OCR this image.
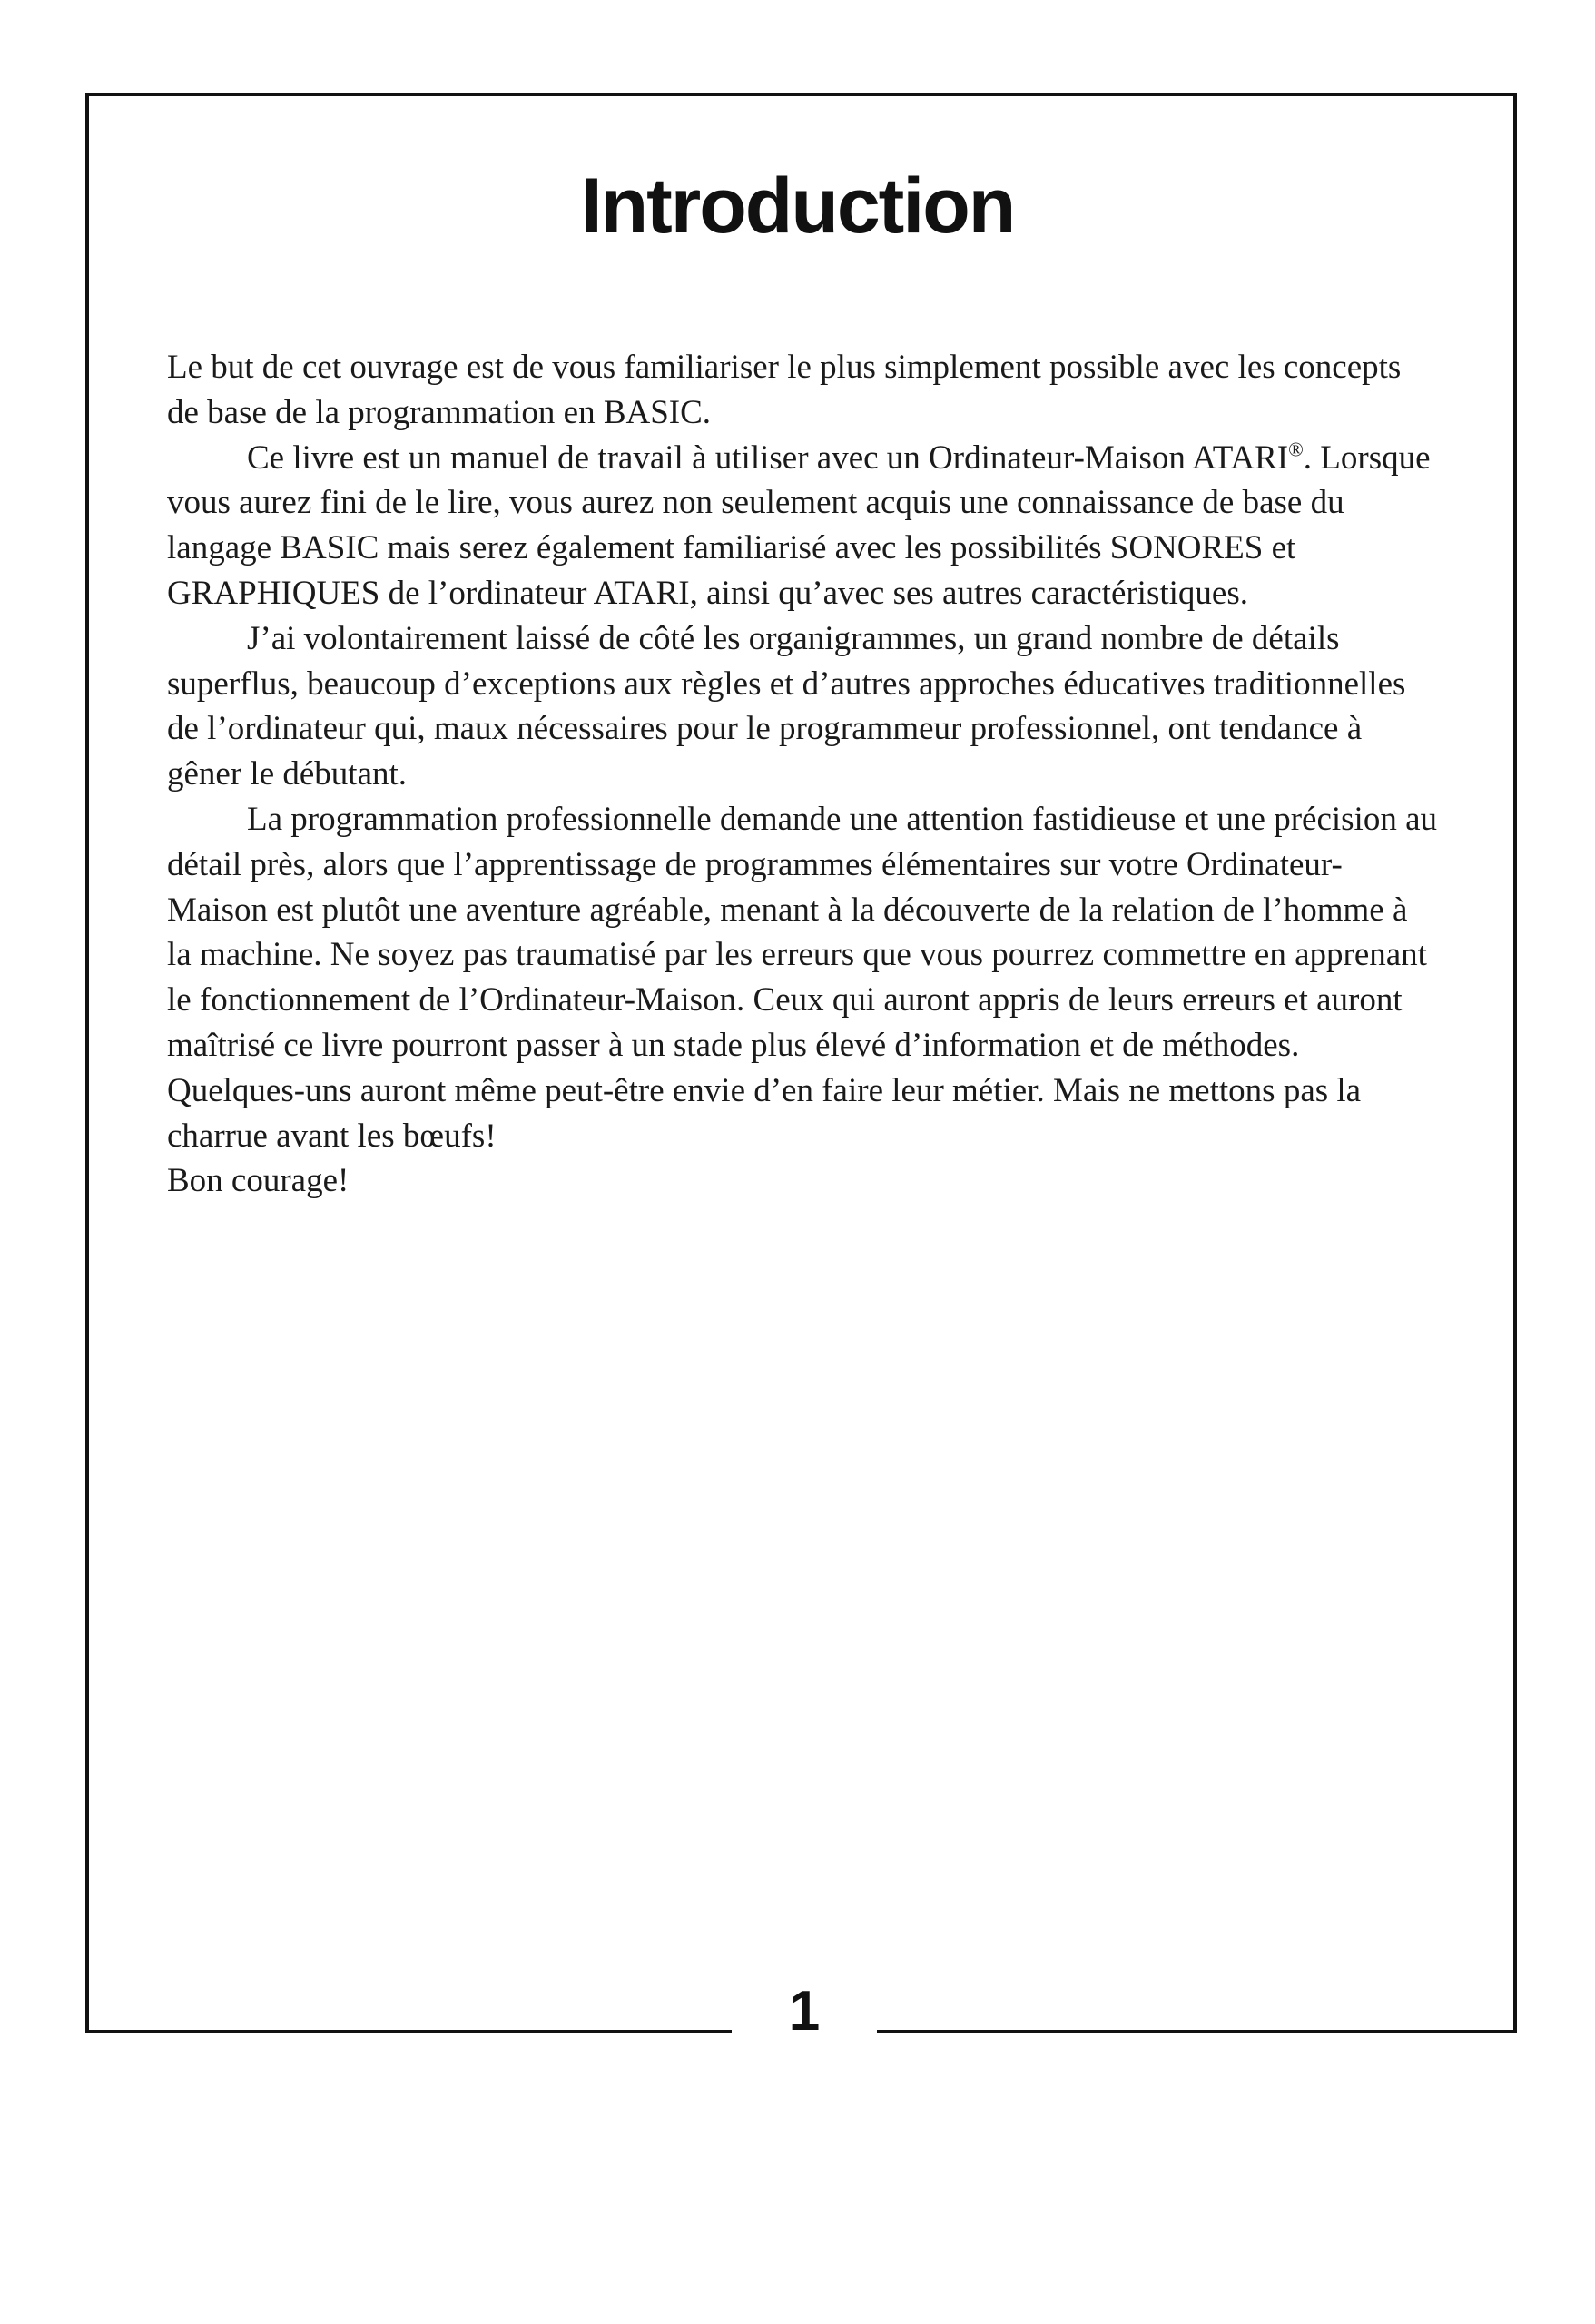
Introduction

Le but de cet ouvrage est de vous familiariser le plus simplement possible avec les concepts de base de la programmation en BASIC.

Ce livre est un manuel de travail à utiliser avec un Ordinateur-Maison ATARI®. Lorsque vous aurez fini de le lire, vous aurez non seulement acquis une connaissance de base du langage BASIC mais serez également familiarisé avec les possibilités SONORES et GRAPHIQUES de l’ordinateur ATARI, ainsi qu’avec ses autres caractéristiques.

J’ai volontairement laissé de côté les organigrammes, un grand nombre de détails superflus, beaucoup d’exceptions aux règles et d’autres approches éducatives traditionnelles de l’ordinateur qui, maux nécessaires pour le programmeur professionnel, ont tendance à gêner le débutant.

La programmation professionnelle demande une attention fastidieuse et une précision au détail près, alors que l’apprentissage de programmes élémentaires sur votre Ordinateur-Maison est plutôt une aventure agréable, menant à la découverte de la relation de l’homme à la machine. Ne soyez pas traumatisé par les erreurs que vous pourrez commettre en apprenant le fonctionnement de l’Ordinateur-Maison. Ceux qui auront appris de leurs erreurs et auront maîtrisé ce livre pourront passer à un stade plus élevé d’information et de méthodes. Quelques-uns auront même peut-être envie d’en faire leur métier. Mais ne mettons pas la charrue avant les bœufs!

Bon courage!

1
